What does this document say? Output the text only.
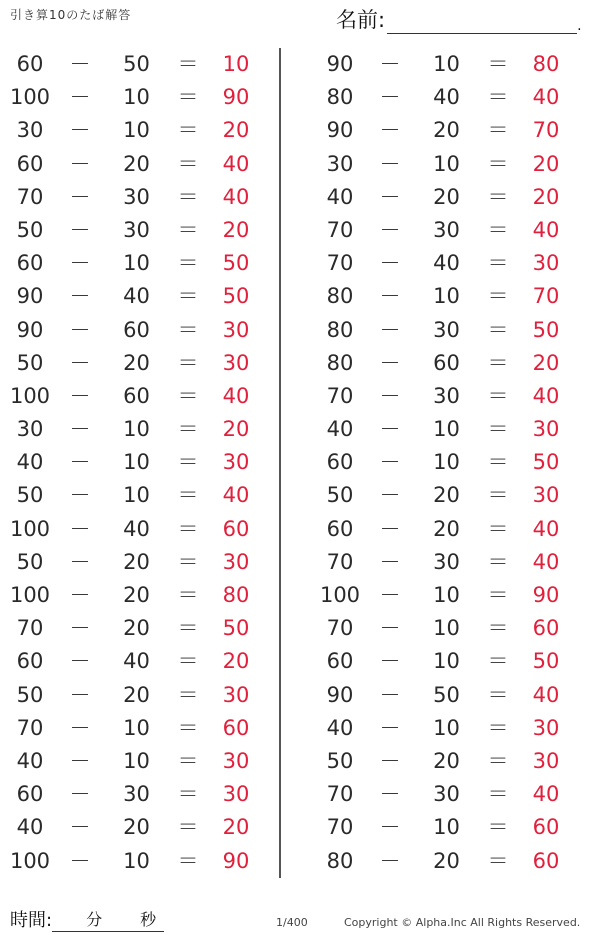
引き算10のたば解答	名前:	.
60	－	50	＝	10
100 －	10	＝	90
30	－	10	＝	20
60	－	20	＝	40
70	－	30	＝	40
50	－	30	＝	20
60	－	10	＝	50
90	－	40	＝	50
90	－	60	＝	30
50	－	20	＝	30
100 －	60	＝	40
30	－	10	＝	20
40	－	10	＝	30
50	－	10	＝	40
100 －	40	＝	60
50	－	20	＝	30
100 －	20	＝	80
70	－	20	＝	50
60	－	40	＝	20
50	－	20	＝	30
70	－	10	＝	60
40	－	10	＝	30
60	－	30	＝	30
40	－	20	＝	20
100 －	10	＝	90
90	－	10	＝	80
80	－	40	＝	40
90	－	20	＝	70
30	－	10	＝	20
40	－	20	＝	20
70	－	30	＝	40
70	－	40	＝	30
80	－	10	＝	70
80	－	30	＝	50
80	－	60	＝	20
70	－	30	＝	40
40	－	10	＝	30
60	－	10	＝	50
50	－	20	＝	30
60	－	20	＝	40
70	－	30	＝	40
100 －	10	＝	90
70	－	10	＝	60
60	－	10	＝	50
90	－	50	＝	40
40	－	10	＝	30
50	－	20	＝	30
70	－	30	＝	40
70	－	10	＝	60
80	－	20	＝	60
時間: 分 秒	1/400	Copyright © Alpha.Inc All Rights Reserved.
